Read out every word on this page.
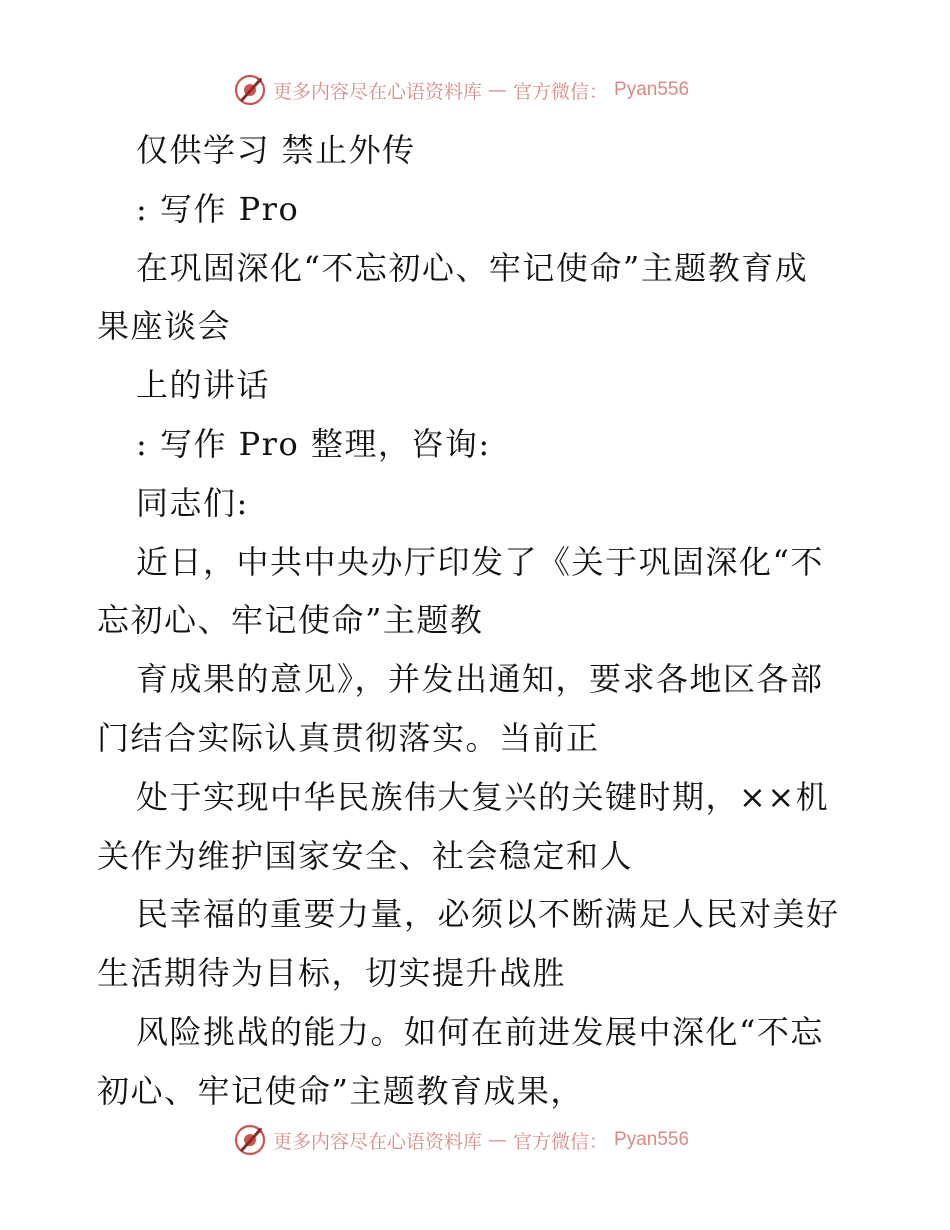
更多内容尽在心语资料库 — 官方微信： Pyan556
仅供学习 禁止外传
: 写作 Pro
在巩固深化“不忘初心、牢记使命”主题教育成
果座谈会
上的讲话
: 写作 Pro 整理，咨询:
同志们:
近日，中共中央办厅印发了《关于巩固深化“不
忘初心、牢记使命”主题教
育成果的意见》，并发出通知，要求各地区各部
门结合实际认真贯彻落实。当前正
处于实现中华民族伟大复兴的关键时期，××机
关作为维护国家安全、社会稳定和人
民幸福的重要力量，必须以不断满足人民对美好
生活期待为目标，切实提升战胜
风险挑战的能力。如何在前进发展中深化“不忘
初心、牢记使命”主题教育成果，
更多内容尽在心语资料库 — 官方微信： Pyan556
